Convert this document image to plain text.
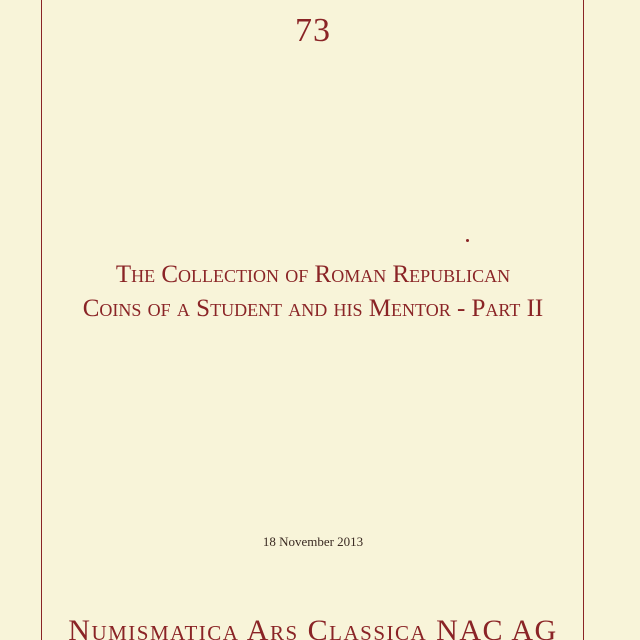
73
The Collection of Roman Republican
Coins of a Student and his Mentor - Part II
18 November 2013
Numismatica Ars Classica NAC AG
